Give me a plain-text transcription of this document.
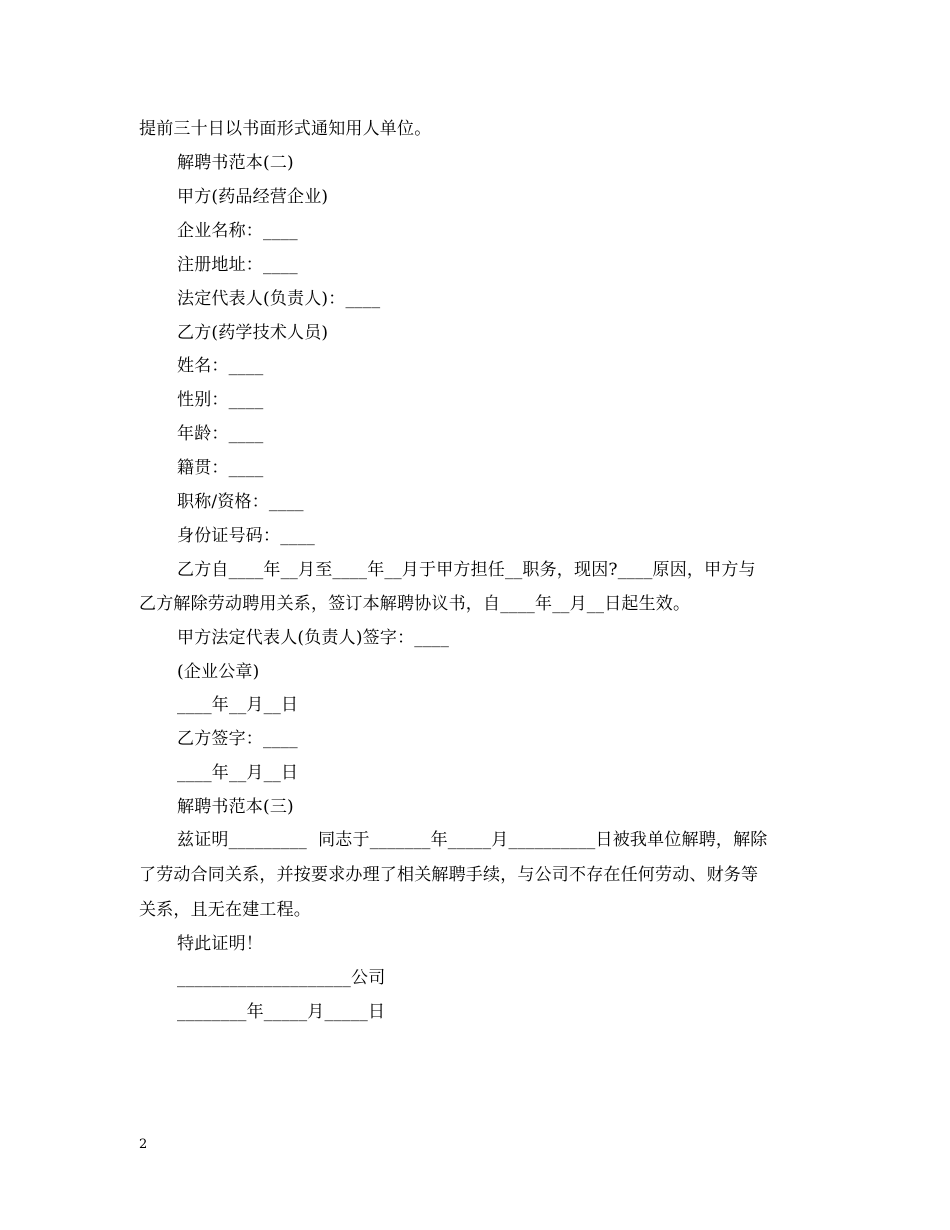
提前三十日以书面形式通知用人单位。
解聘书范本(二)
甲方(药品经营企业)
企业名称：____
注册地址：____
法定代表人(负责人)：____
乙方(药学技术人员)
姓名：____
性别：____
年龄：____
籍贯：____
职称/资格：____
身份证号码：____
乙方自____年__月至____年__月于甲方担任__职务，现因?____原因，甲方与
乙方解除劳动聘用关系，签订本解聘协议书，自____年__月__日起生效。
甲方法定代表人(负责人)签字：____
(企业公章)
____年__月__日
乙方签字：____
____年__月__日
解聘书范本(三)
兹证明_________  同志于_______年_____月__________日被我单位解聘，解除
了劳动合同关系，并按要求办理了相关解聘手续，与公司不存在任何劳动、财务等
关系，且无在建工程。
特此证明！
____________________公司
________年_____月_____日
2
